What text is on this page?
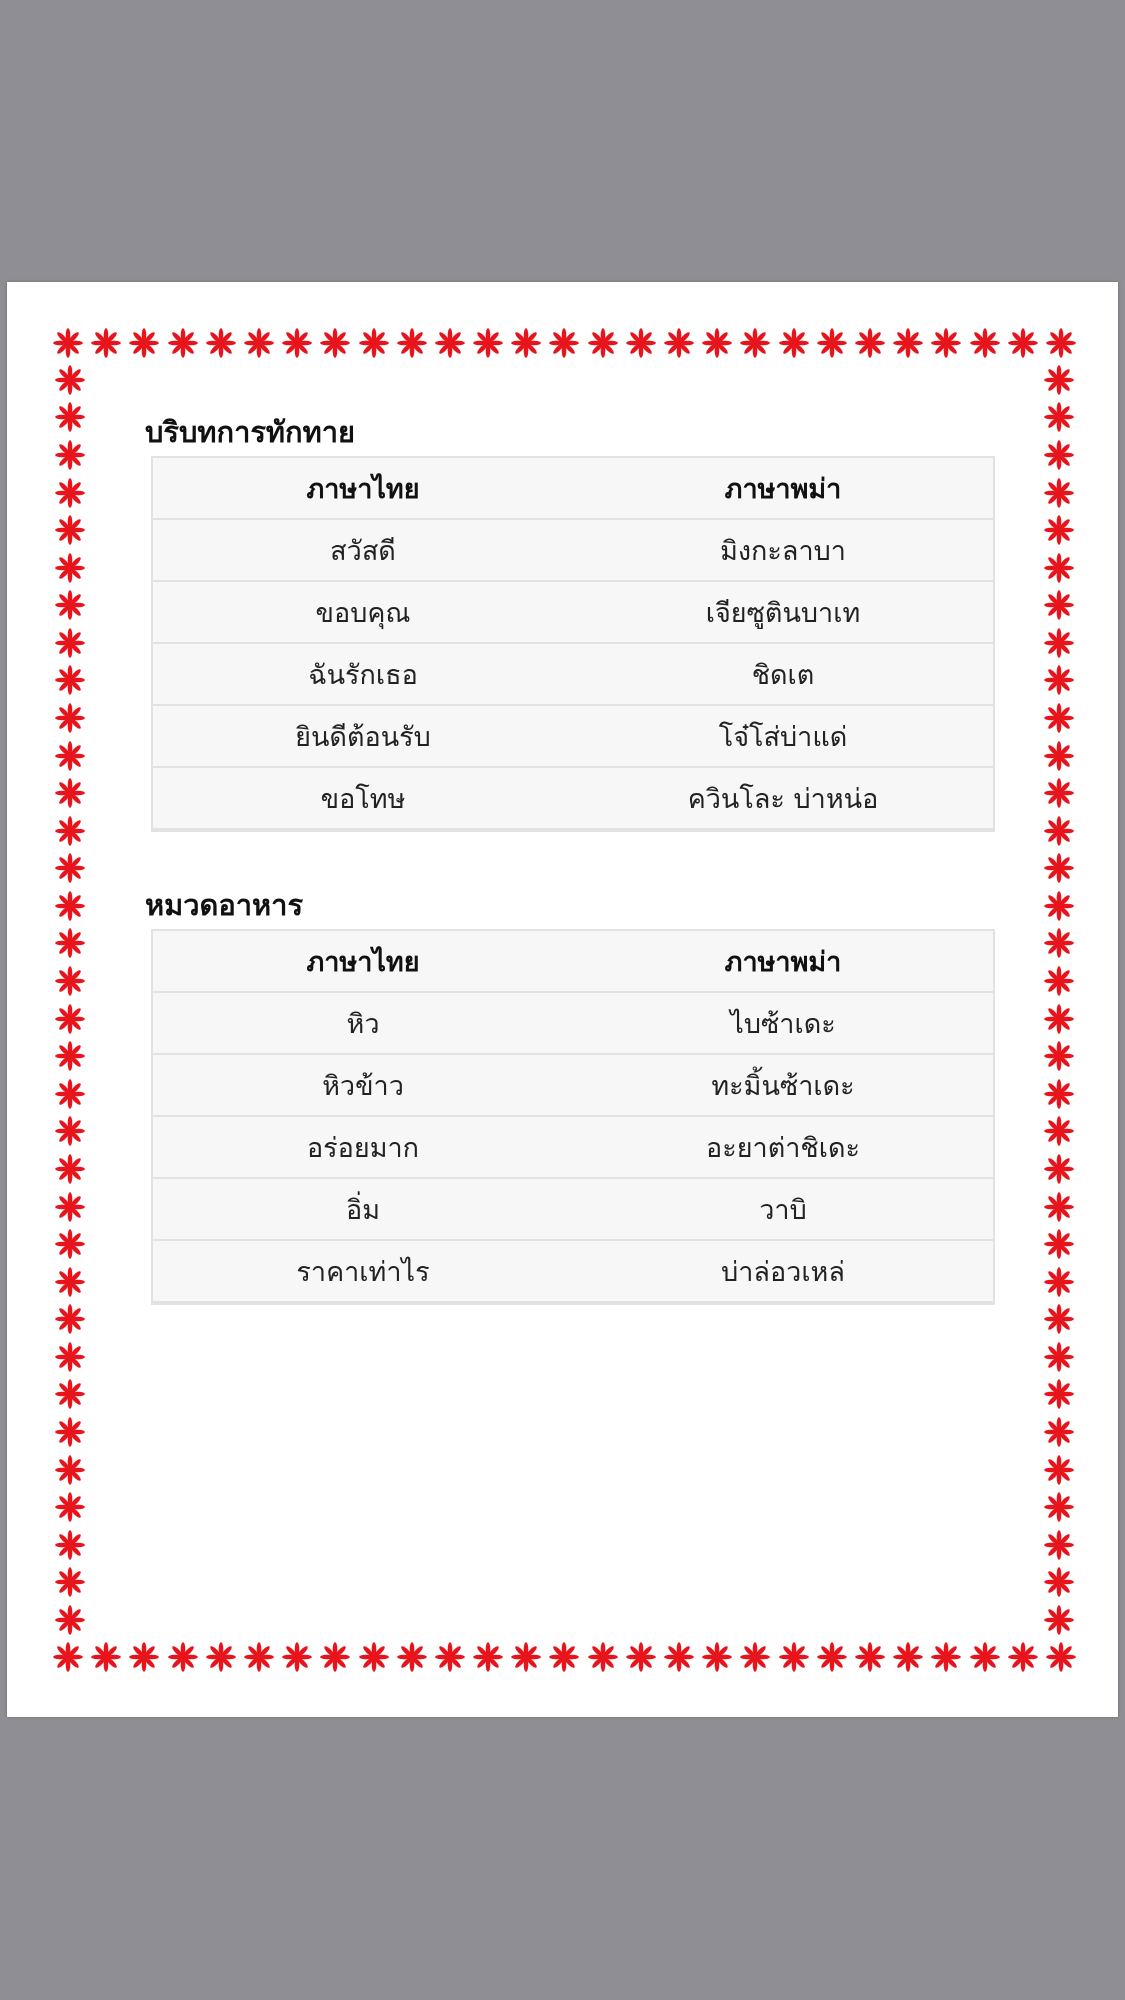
บริบทการทักทาย
ภาษาไทย	ภาษาพม่า
สวัสดี	มิงกะลาบา
ขอบคุณ	เจียซูตินบาเท
ฉันรักเธอ	ชิดเต
ยินดีต้อนรับ	โจ๋โส่บ่าแด่
ขอโทษ	ควินโละ บ่าหน่อ
หมวดอาหาร
ภาษาไทย	ภาษาพม่า
หิว	ไบซ้าเดะ
หิวข้าว	ทะมิ้นซ้าเดะ
อร่อยมาก	อะยาต่าชิเดะ
อิ่ม	วาบิ
ราคาเท่าไร	บ่าล่อวเหล่
